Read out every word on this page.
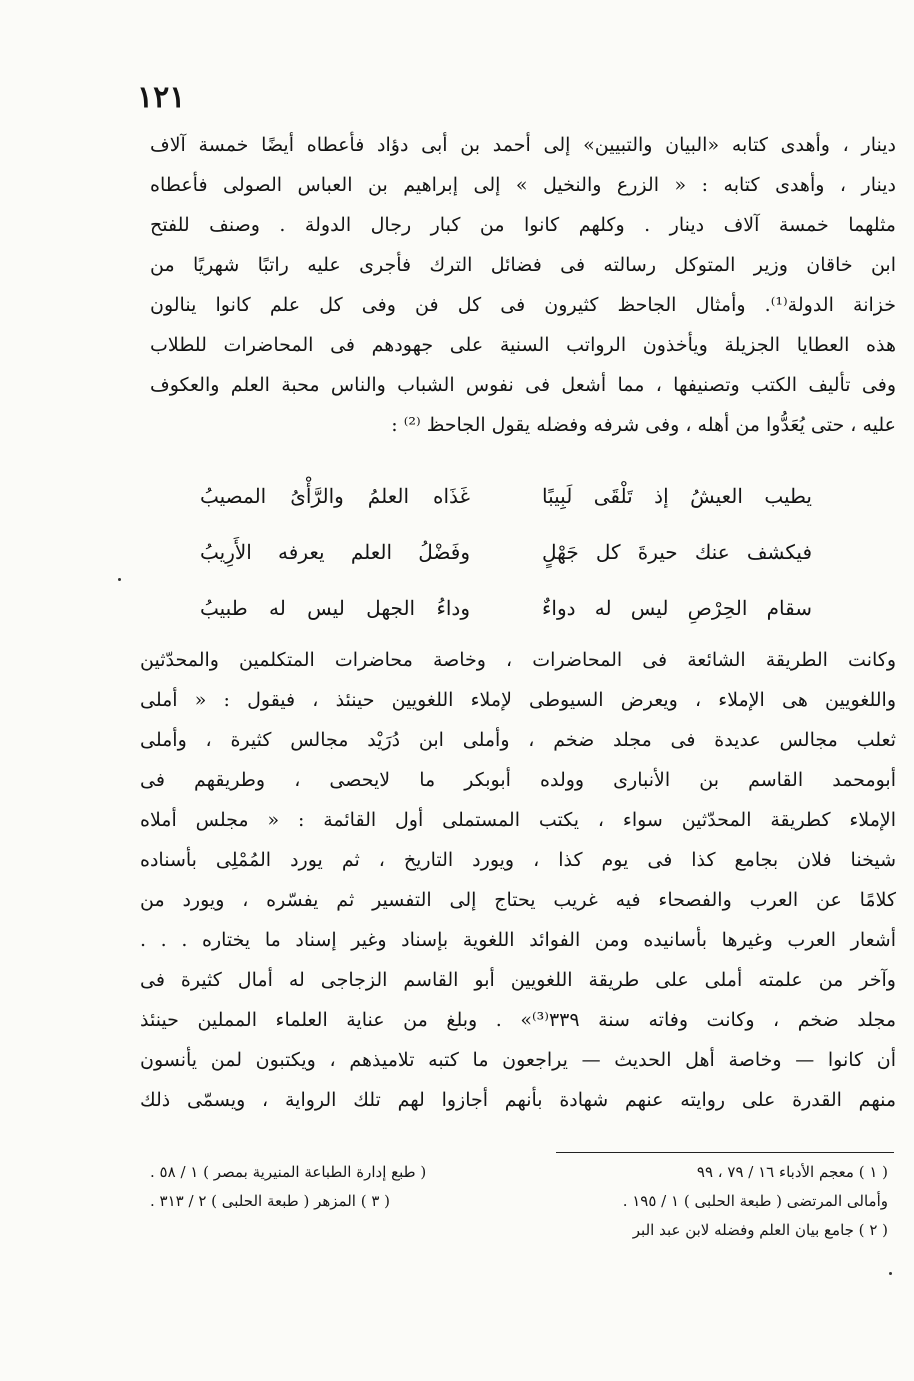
١٢١
دينار ، وأهدى كتابه «البيان والتبيين» إلى أحمد بن أبى دؤاد فأعطاه أيضًا خمسة آلاف
دينار ، وأهدى كتابه : « الزرع والنخيل » إلى إبراهيم بن العباس الصولى فأعطاه
مثلهما خمسة آلاف دينار . وكلهم كانوا من كبار رجال الدولة . وصنف للفتح
ابن خاقان وزير المتوكل رسالته فى فضائل الترك فأجرى عليه راتبًا شهريًا من
خزانة الدولة⁽¹⁾. وأمثال الجاحظ كثيرون فى كل فن وفى كل علم كانوا ينالون
هذه العطايا الجزيلة ويأخذون الرواتب السنية على جهودهم فى المحاضرات للطلاب
وفى تأليف الكتب وتصنيفها ، مما أشعل فى نفوس الشباب والناس محبة العلم والعكوف
عليه ، حتى يُعَدُّوا من أهله ، وفى شرفه وفضله يقول الجاحظ ⁽²⁾ :
يطيب العيشُ إذ تَلْقَى لَبِيبًا
غَذَاه العلمُ والرَّأْىُ المصيبُ
فيكشف عنك حيرةَ كل جَهْلٍ
وفَضْلُ العلم يعرفه الأَرِيبُ
سقام الحِرْصِ ليس له دواءٌ
وداءُ الجهل ليس له طبيبُ
وكانت الطريقة الشائعة فى المحاضرات ، وخاصة محاضرات المتكلمين والمحدّثين
واللغويين هى الإملاء ، ويعرض السيوطى لإملاء اللغويين حينئذ ، فيقول : « أملى
ثعلب مجالس عديدة فى مجلد ضخم ، وأملى ابن دُرَيْد مجالس كثيرة ، وأملى
أبومحمد القاسم بن الأنبارى وولده أبوبكر ما لايحصى ، وطريقهم فى
الإملاء كطريقة المحدّثين سواء ، يكتب المستملى أول القائمة : « مجلس أملاه
شيخنا فلان بجامع كذا فى يوم كذا ، ويورد التاريخ ، ثم يورد المُمْلِى بأسناده
كلامًا عن العرب والفصحاء فيه غريب يحتاج إلى التفسير ثم يفسّره ، ويورد من
أشعار العرب وغيرها بأسانيده ومن الفوائد اللغوية بإسناد وغير إسناد ما يختاره . . .
وآخر من علمته أملى على طريقة اللغويين أبو القاسم الزجاجى له أمال كثيرة فى
مجلد ضخم ، وكانت وفاته سنة ٣٣٩⁽³⁾» . وبلغ من عناية العلماء المملين حينئذ
أن كانوا — وخاصة أهل الحديث — يراجعون ما كتبه تلاميذهم ، ويكتبون لمن يأنسون
منهم القدرة على روايته عنهم شهادة بأنهم أجازوا لهم تلك الرواية ، ويسمّى ذلك
( ١ ) معجم الأدباء ١٦ / ٧٩ ، ٩٩
وأمالى المرتضى ( طبعة الحلبى ) ١ / ١٩٥ .
( ٢ ) جامع بيان العلم وفضله لابن عبد البر
( طبع إدارة الطباعة المنيرية بمصر ) ١ / ٥٨ .
( ٣ ) المزهر ( طبعة الحلبى ) ٢ / ٣١٣ .
